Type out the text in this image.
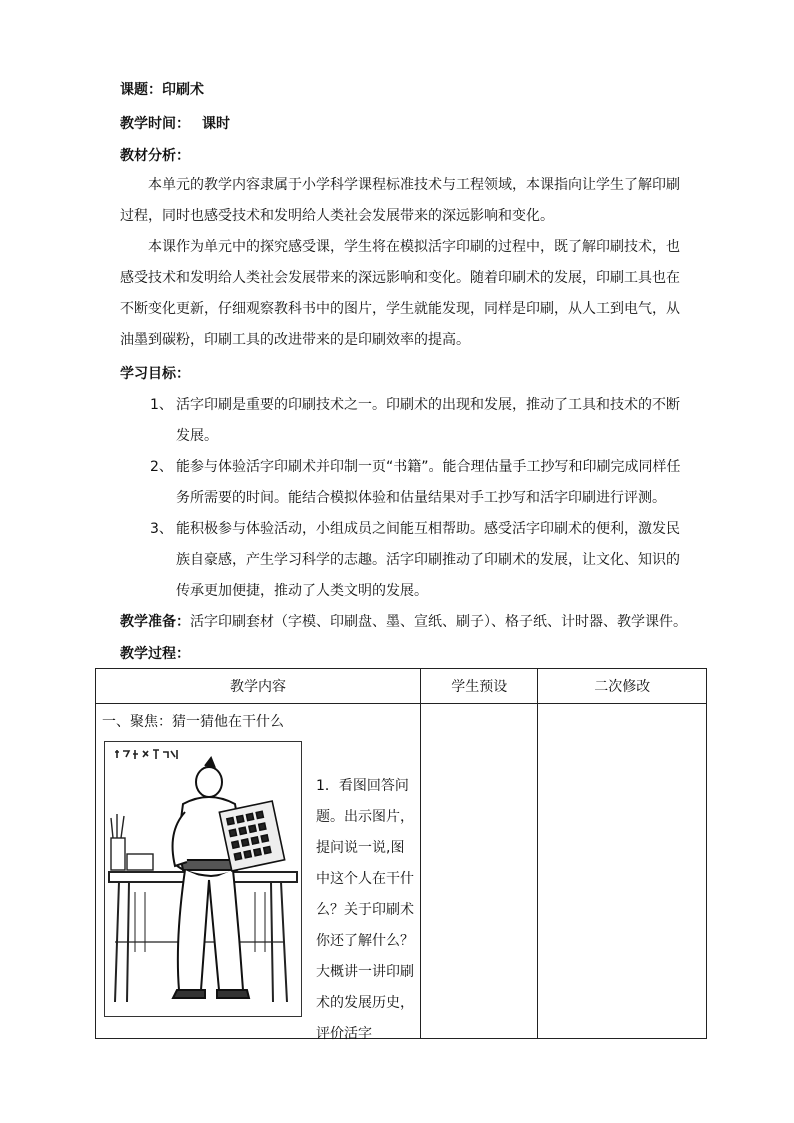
课题：印刷术
教学时间： 课时
教材分析：
本单元的教学内容隶属于小学科学课程标准技术与工程领域，本课指向让学生了解印刷过程，同时也感受技术和发明给人类社会发展带来的深远影响和变化。
本课作为单元中的探究感受课，学生将在模拟活字印刷的过程中，既了解印刷技术，也感受技术和发明给人类社会发展带来的深远影响和变化。随着印刷术的发展，印刷工具也在不断变化更新，仔细观察教科书中的图片，学生就能发现，同样是印刷，从人工到电气，从油墨到碳粉，印刷工具的改进带来的是印刷效率的提高。
学习目标：
1、 活字印刷是重要的印刷技术之一。印刷术的出现和发展，推动了工具和技术的不断发展。
2、 能参与体验活字印刷术并印制一页“书籍”。能合理估量手工抄写和印刷完成同样任务所需要的时间。能结合模拟体验和估量结果对手工抄写和活字印刷进行评测。
3、 能积极参与体验活动，小组成员之间能互相帮助。感受活字印刷术的便利，激发民族自豪感，产生学习科学的志趣。活字印刷推动了印刷术的发展，让文化、知识的传承更加便捷，推动了人类文明的发展。
教学准备：活字印刷套材（字模、印刷盘、墨、宣纸、刷子）、格子纸、计时器、教学课件。
教学过程：
教学内容	学生预设	二次修改

一、聚焦：猜一猜他在干什么
1．看图回答问题。出示图片，提问说一说,图中这个人在干什么？关于印刷术你还了解什么？大概讲一讲印刷术的发展历史，评价活字		
